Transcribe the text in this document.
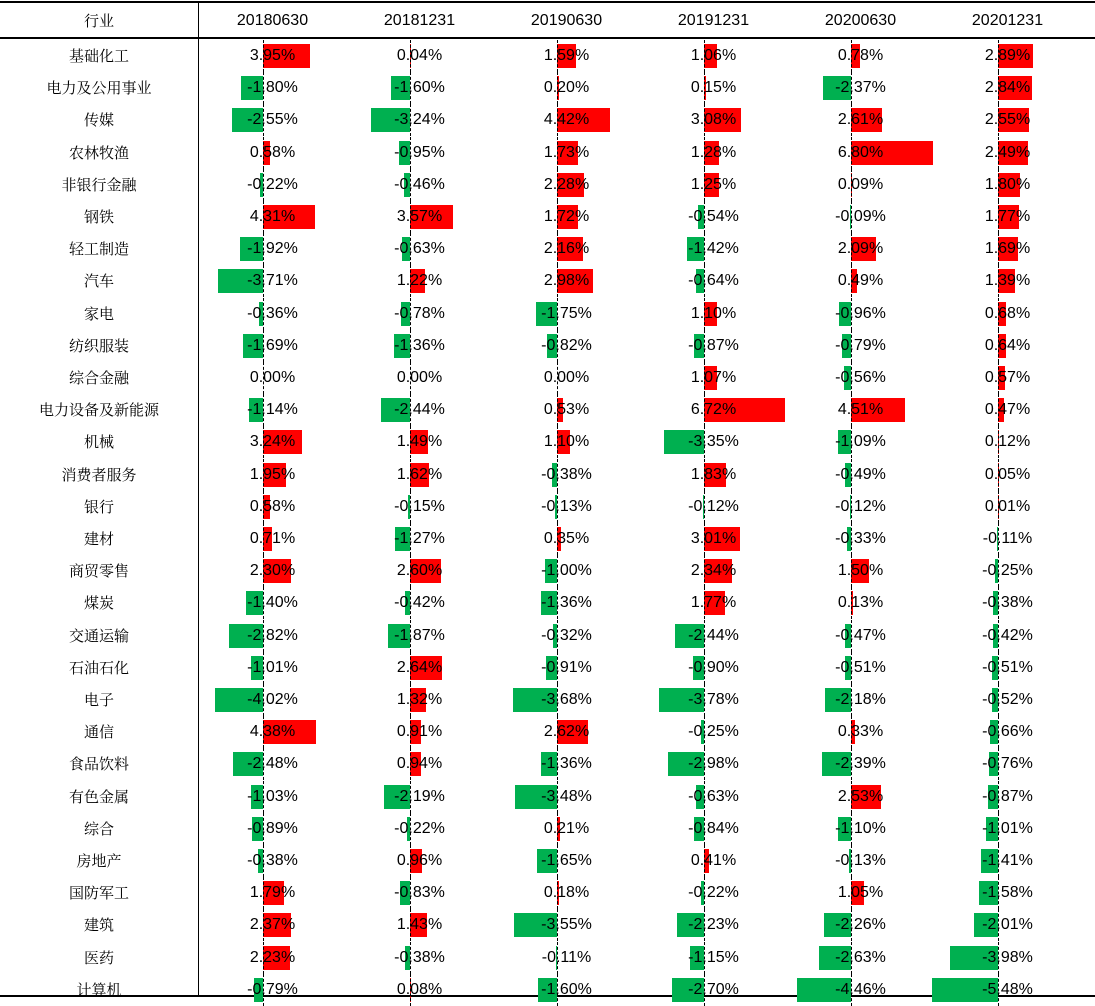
行业	20180630	20181231	20190630	20191231	20200630	20201231
基础化工	3.95%	0.04%	1.59%	1.06%	0.78%	2.89%
电力及公用事业	-1.80%	-1.60%	0.20%	0.15%	-2.37%	2.84%
传媒	-2.55%	-3.24%	4.42%	3.08%	2.61%	2.55%
农林牧渔	0.58%	-0.95%	1.73%	1.28%	6.80%	2.49%
非银行金融	-0.22%	-0.46%	2.28%	1.25%	0.09%	1.80%
钢铁	4.31%	3.57%	1.72%	-0.54%	-0.09%	1.77%
轻工制造	-1.92%	-0.63%	2.16%	-1.42%	2.09%	1.69%
汽车	-3.71%	1.22%	2.98%	-0.64%	0.49%	1.39%
家电	-0.36%	-0.78%	-1.75%	1.10%	-0.96%	0.68%
纺织服装	-1.69%	-1.36%	-0.82%	-0.87%	-0.79%	0.64%
综合金融	0.00%	0.00%	0.00%	1.07%	-0.56%	0.57%
电力设备及新能源	-1.14%	-2.44%	0.53%	6.72%	4.51%	0.47%
机械	3.24%	1.49%	1.10%	-3.35%	-1.09%	0.12%
消费者服务	1.95%	1.62%	-0.38%	1.83%	-0.49%	0.05%
银行	0.58%	-0.15%	-0.13%	-0.12%	-0.12%	0.01%
建材	0.71%	-1.27%	0.35%	3.01%	-0.33%	-0.11%
商贸零售	2.30%	2.60%	-1.00%	2.34%	1.50%	-0.25%
煤炭	-1.40%	-0.42%	-1.36%	1.77%	0.13%	-0.38%
交通运输	-2.82%	-1.87%	-0.32%	-2.44%	-0.47%	-0.42%
石油石化	-1.01%	2.64%	-0.91%	-0.90%	-0.51%	-0.51%
电子	-4.02%	1.32%	-3.68%	-3.78%	-2.18%	-0.52%
通信	4.38%	0.91%	2.62%	-0.25%	0.33%	-0.66%
食品饮料	-2.48%	0.94%	-1.36%	-2.98%	-2.39%	-0.76%
有色金属	-1.03%	-2.19%	-3.48%	-0.63%	2.53%	-0.87%
综合	-0.89%	-0.22%	0.21%	-0.84%	-1.10%	-1.01%
房地产	-0.38%	0.96%	-1.65%	0.41%	-0.13%	-1.41%
国防军工	1.79%	-0.83%	0.18%	-0.22%	1.05%	-1.58%
建筑	2.37%	1.43%	-3.55%	-2.23%	-2.26%	-2.01%
医药	2.23%	-0.38%	-0.11%	-1.15%	-2.63%	-3.98%
计算机	-0.79%	0.08%	-1.60%	-2.70%	-4.46%	-5.48%
